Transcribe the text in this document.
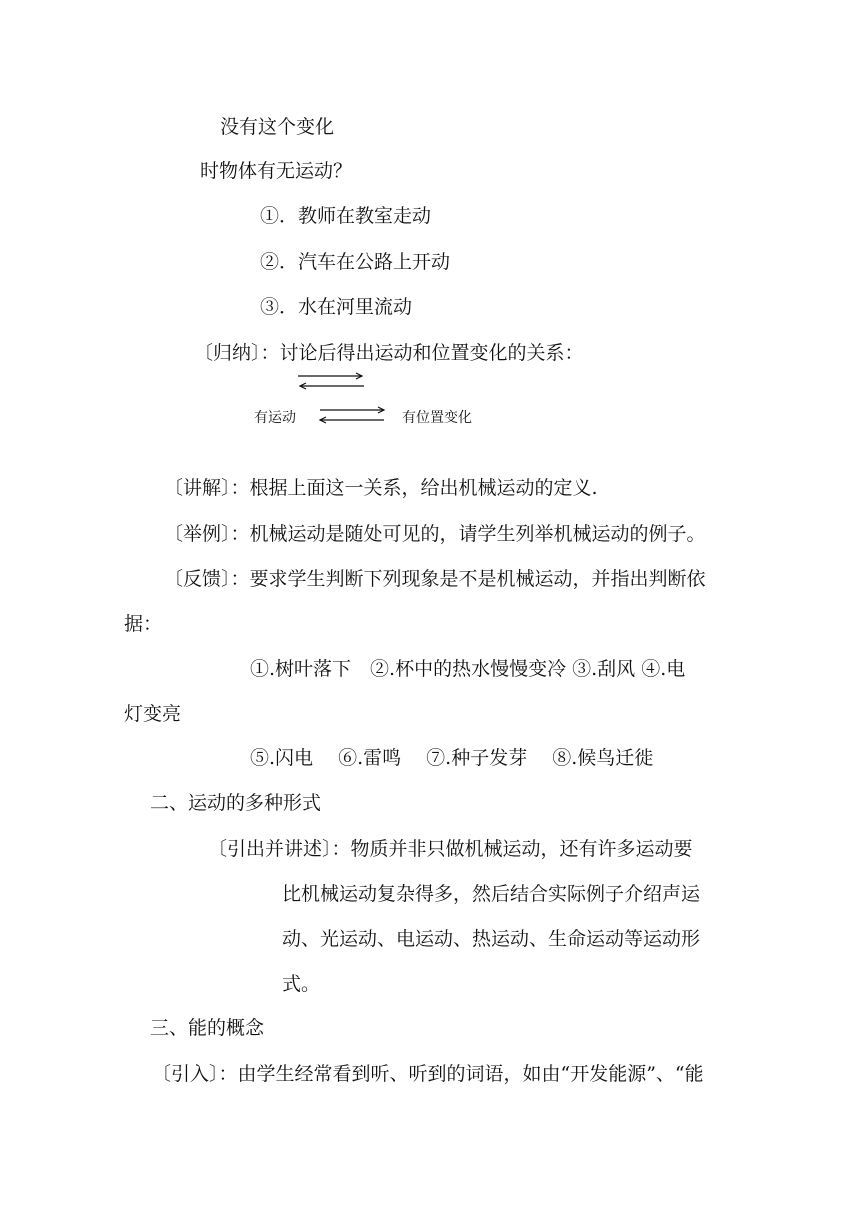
没有这个变化
时物体有无运动？
①．教师在教室走动
②．汽车在公路上开动
③．水在河里流动
〔归纳〕：讨论后得出运动和位置变化的关系：
有运动	有位置变化
〔讲解〕：根据上面这一关系，给出机械运动的定义.
〔举例〕：机械运动是随处可见的，请学生列举机械运动的例子。
〔反馈〕：要求学生判断下列现象是不是机械运动，并指出判断依
据：
①.树叶落下　②.杯中的热水慢慢变冷 ③.刮风 ④.电
灯变亮
⑤.闪电　 ⑥.雷鸣　 ⑦.种子发芽　 ⑧.候鸟迁徙
二、运动的多种形式
〔引出并讲述〕：物质并非只做机械运动，还有许多运动要
比机械运动复杂得多，然后结合实际例子介绍声运
动、光运动、电运动、热运动、生命运动等运动形
式。
三、能的概念
〔引入〕：由学生经常看到听、听到的词语，如由“开发能源”、“能
